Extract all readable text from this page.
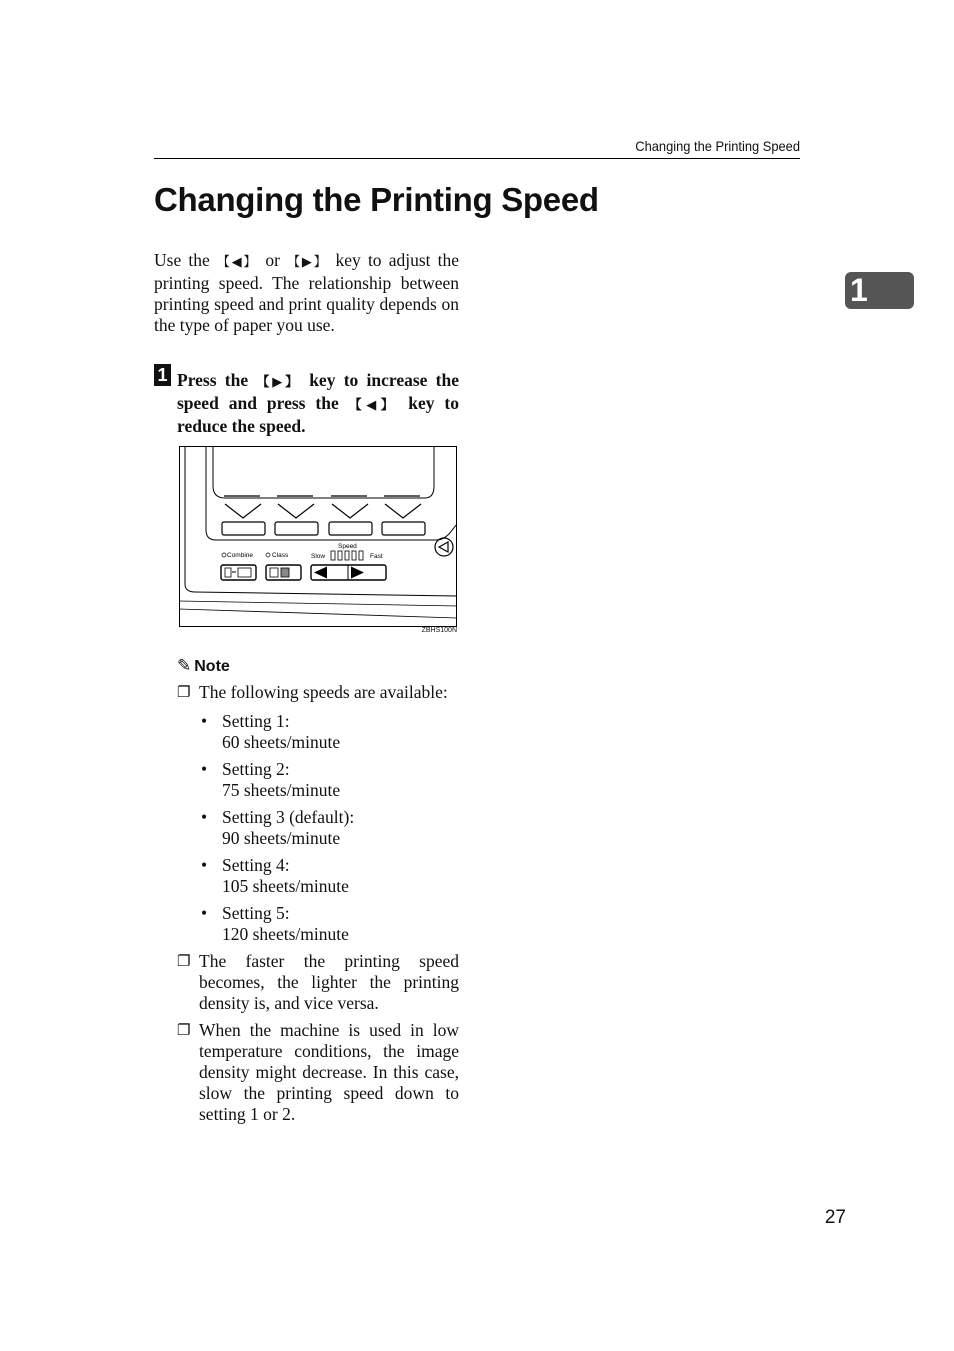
Changing the Printing Speed
Changing the Printing Speed
1

Use the 【◀】 or 【▶】 key to adjust the printing speed. The relationship between printing speed and print quality depends on the type of paper you use.

1 Press the 【▶】 key to increase the speed and press the 【◀】 key to reduce the speed.

Combine	Class
Speed
Slow	Fast
ZBHS100N
✎ Note
❐ The following speeds are available:
• Setting 1:
60 sheets/minute
• Setting 2:
75 sheets/minute
• Setting 3 (default):
90 sheets/minute
• Setting 4:
105 sheets/minute
• Setting 5:
120 sheets/minute
❐ The faster the printing speed becomes, the lighter the printing density is, and vice versa.
❐ When the machine is used in low temperature conditions, the image density might decrease. In this case, slow the printing speed down to setting 1 or 2.
27
